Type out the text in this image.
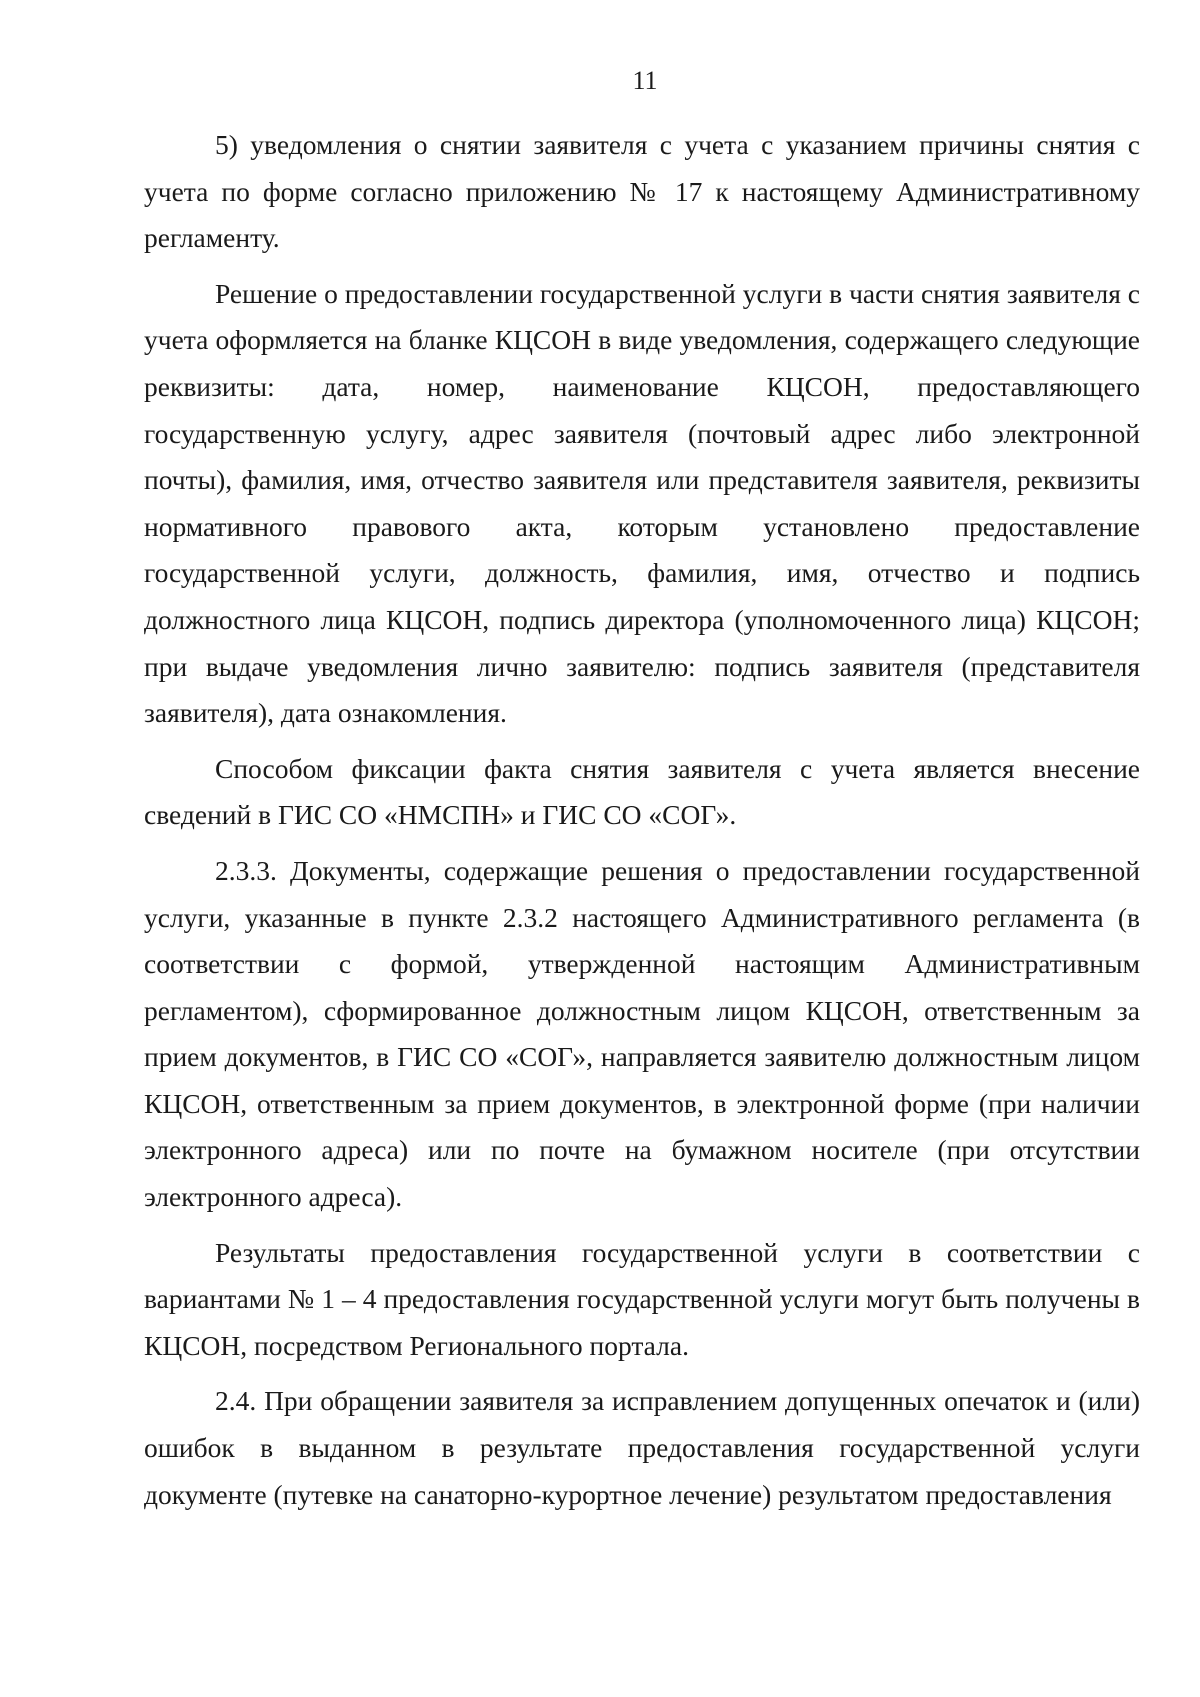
11

5) уведомления о снятии заявителя с учета с указанием причины снятия с учета по форме согласно приложению № 17 к настоящему Административному регламенту.

Решение о предоставлении государственной услуги в части снятия заявителя с учета оформляется на бланке КЦСОН в виде уведомления, содержащего следующие реквизиты: дата, номер, наименование КЦСОН, предоставляющего государственную услугу, адрес заявителя (почтовый адрес либо электронной почты), фамилия, имя, отчество заявителя или представителя заявителя, реквизиты нормативного правового акта, которым установлено предоставление государственной услуги, должность, фамилия, имя, отчество и подпись должностного лица КЦСОН, подпись директора (уполномоченного лица) КЦСОН; при выдаче уведомления лично заявителю: подпись заявителя (представителя заявителя), дата ознакомления.

Способом фиксации факта снятия заявителя с учета является внесение сведений в ГИС СО «НМСПН» и ГИС СО «СОГ».

2.3.3. Документы, содержащие решения о предоставлении государственной услуги, указанные в пункте 2.3.2 настоящего Административного регламента (в соответствии с формой, утвержденной настоящим Административным регламентом), сформированное должностным лицом КЦСОН, ответственным за прием документов, в ГИС СО «СОГ», направляется заявителю должностным лицом КЦСОН, ответственным за прием документов, в электронной форме (при наличии электронного адреса) или по почте на бумажном носителе (при отсутствии электронного адреса).

Результаты предоставления государственной услуги в соответствии с вариантами № 1 – 4 предоставления государственной услуги могут быть получены в КЦСОН, посредством Регионального портала.

2.4. При обращении заявителя за исправлением допущенных опечаток и (или) ошибок в выданном в результате предоставления государственной услуги документе (путевке на санаторно-курортное лечение) результатом предоставления
